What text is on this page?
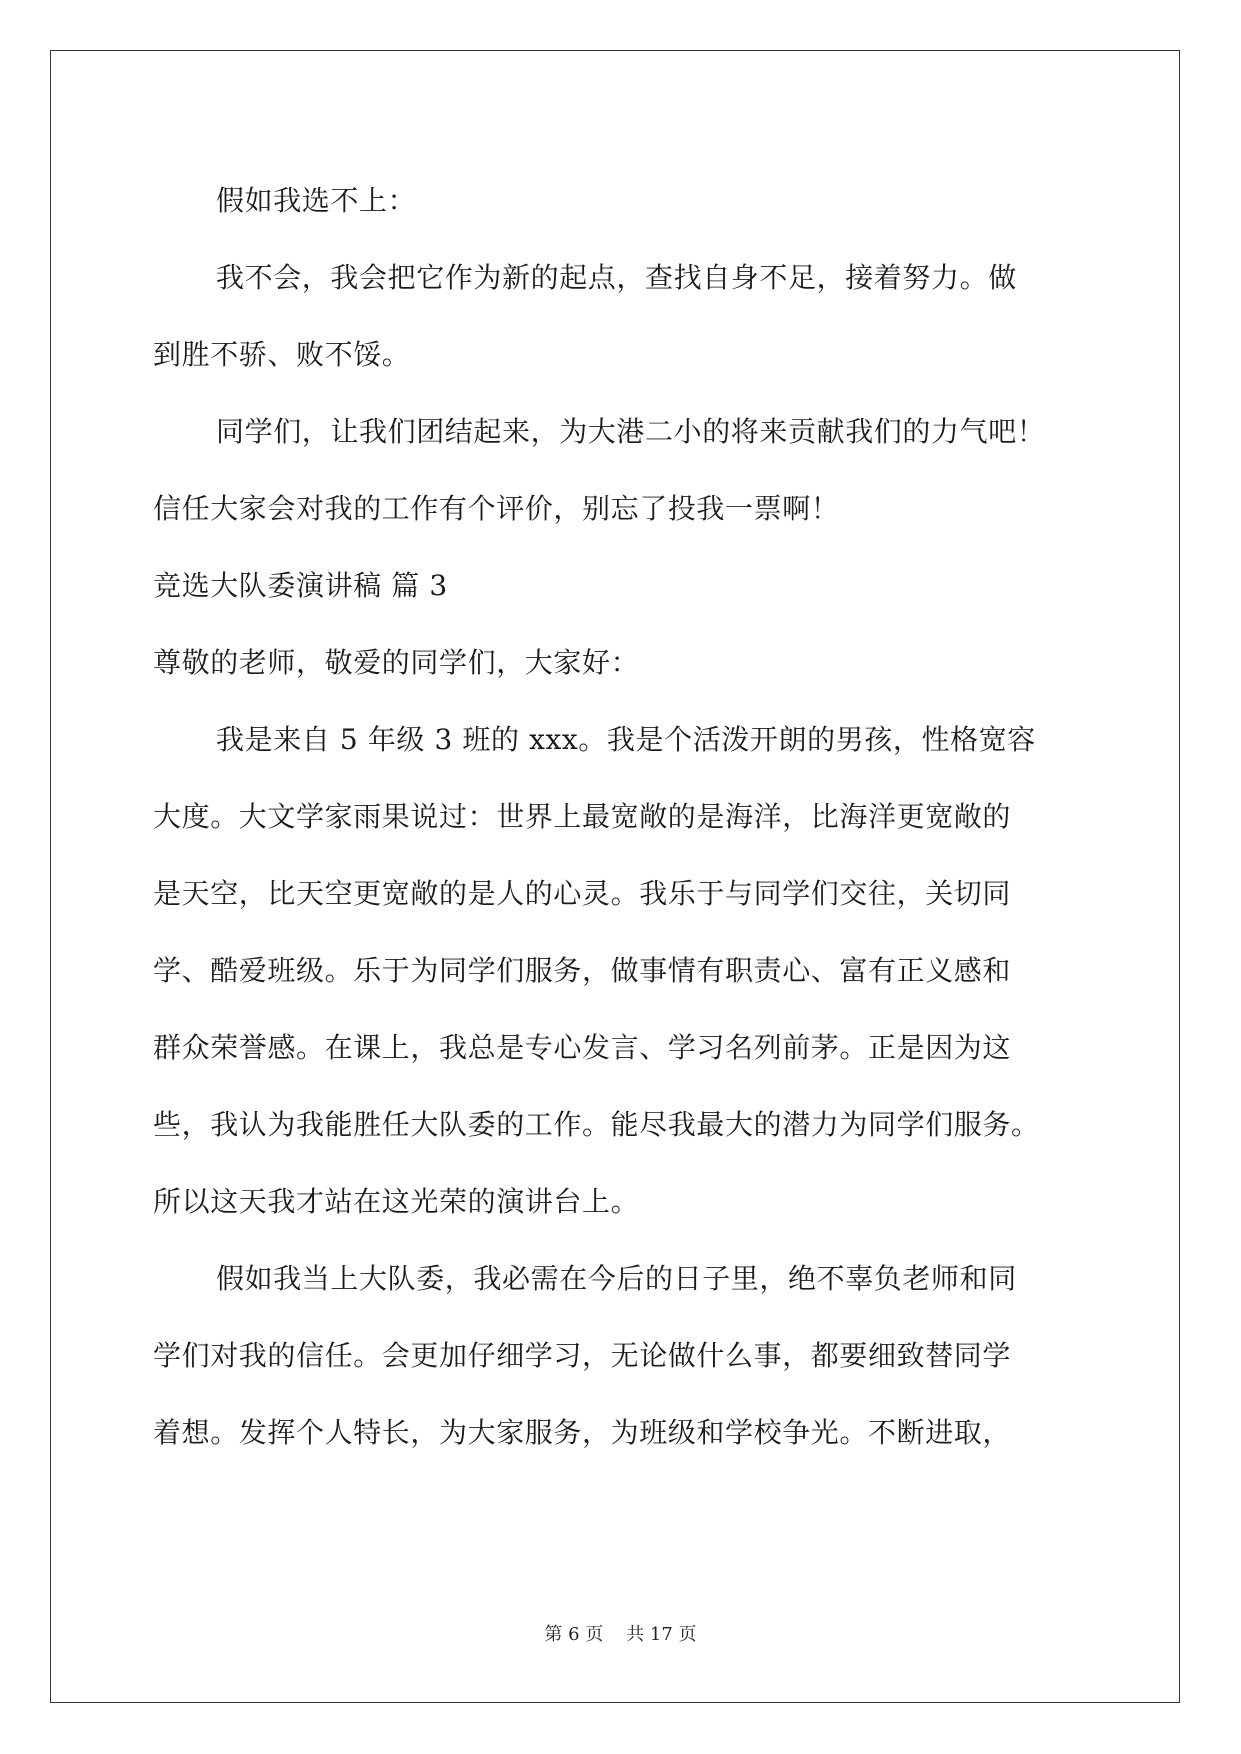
假如我选不上：
我不会，我会把它作为新的起点，查找自身不足，接着努力。做
到胜不骄、败不馁。
同学们，让我们团结起来，为大港二小的将来贡献我们的力气吧！
信任大家会对我的工作有个评价，别忘了投我一票啊！
竞选大队委演讲稿 篇 3
尊敬的老师，敬爱的同学们，大家好：
我是来自 5 年级 3 班的 xxx。我是个活泼开朗的男孩，性格宽容
大度。大文学家雨果说过：世界上最宽敞的是海洋，比海洋更宽敞的
是天空，比天空更宽敞的是人的心灵。我乐于与同学们交往，关切同
学、酷爱班级。乐于为同学们服务，做事情有职责心、富有正义感和
群众荣誉感。在课上，我总是专心发言、学习名列前茅。正是因为这
些，我认为我能胜任大队委的工作。能尽我最大的潜力为同学们服务。
所以这天我才站在这光荣的演讲台上。
假如我当上大队委，我必需在今后的日子里，绝不辜负老师和同
学们对我的信任。会更加仔细学习，无论做什么事，都要细致替同学
着想。发挥个人特长，为大家服务，为班级和学校争光。不断进取，
第 6 页    共 17 页
